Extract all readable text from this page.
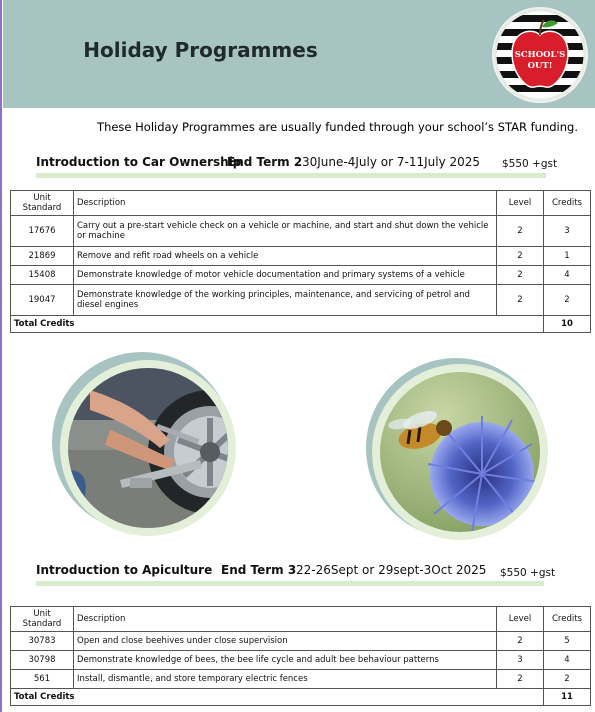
Holiday Programmes	SCHOOL'S
OUT!
These Holiday Programmes are usually funded through your school’s STAR funding.
Introduction to Car Ownership
End Term 2 30June-4July or 7-11July 2025 $550 +gst
Unit Standard	Description	Level	Credits
17676	Carry out a pre-start vehicle check on a vehicle or machine, and start and shut down the vehicle or machine	2	3
21869	Remove and refit road wheels on a vehicle	2	1
15408	Demonstrate knowledge of motor vehicle documentation and primary systems of a vehicle	2	4
19047	Demonstrate knowledge of the working principles, maintenance, and servicing of petrol and diesel engines	2	2
Total Credits			10
Introduction to Apiculture End Term 3 22-26Sept or 29sept-3Oct 2025 $550 +gst
Unit Standard	Description	Level	Credits
30783	Open and close beehives under close supervision	2	5
30798	Demonstrate knowledge of bees, the bee life cycle and adult bee behaviour patterns	3	4
561	Install, dismantle, and store temporary electric fences	2	2
Total Credits			11
